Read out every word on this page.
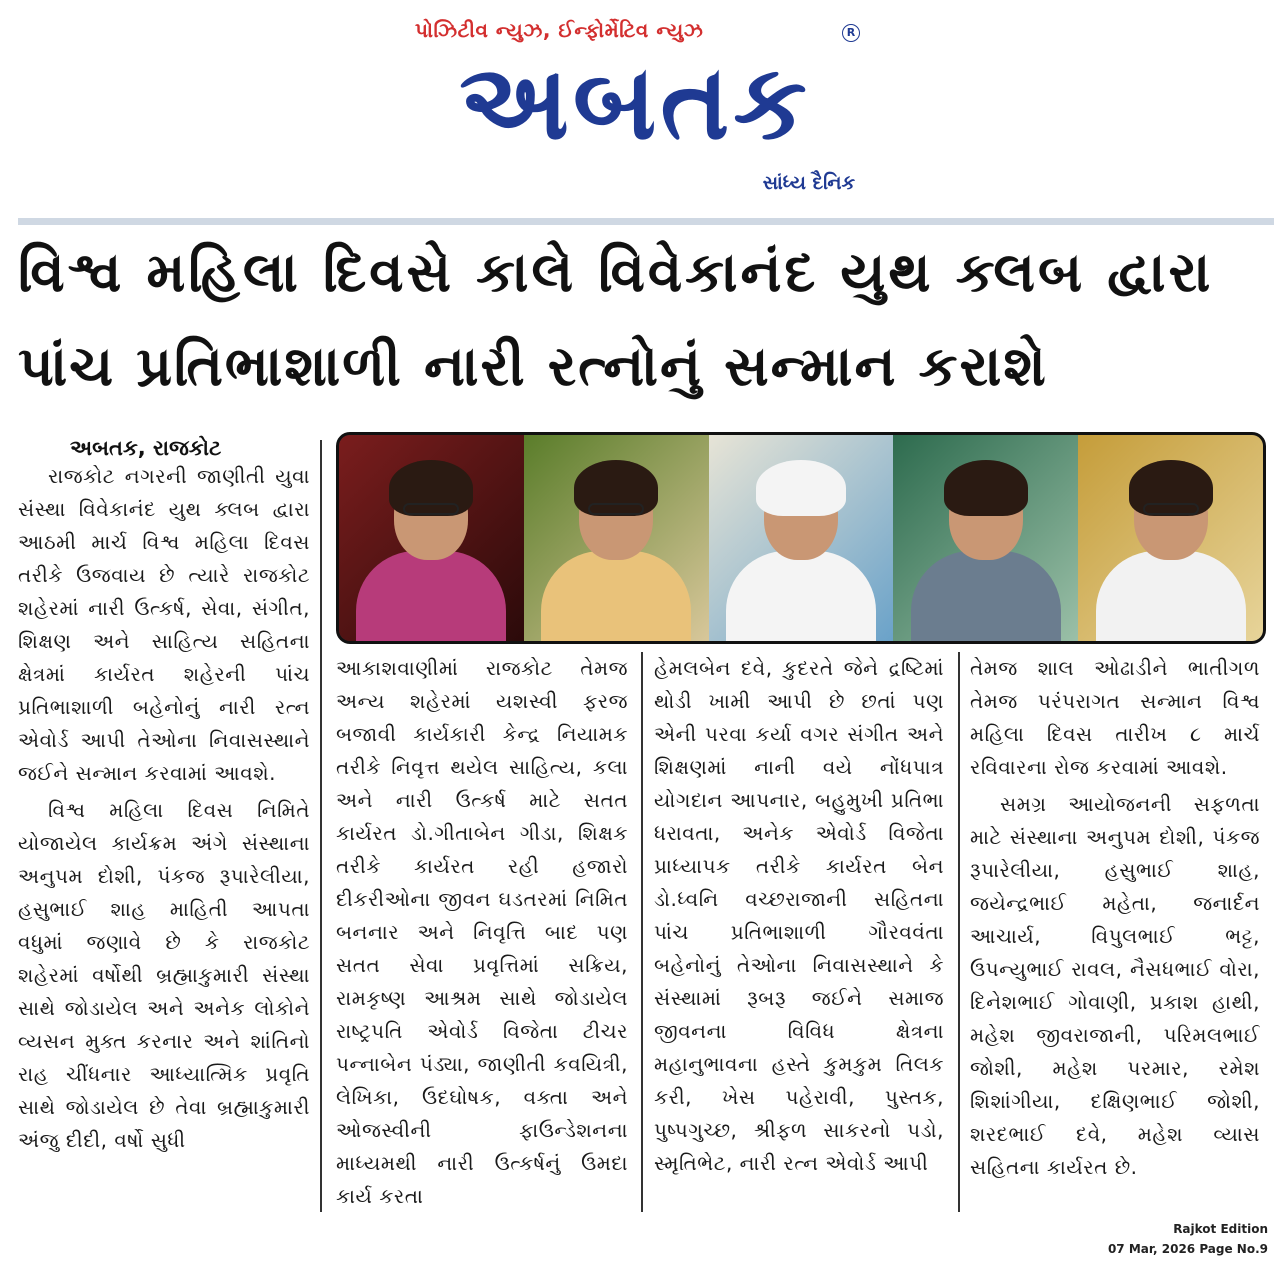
પોઝિટીવ ન્યુઝ, ઈન્ફોર્મેટિવ ન્યુઝ
અબતક
R
સાંધ્ય દૈનિક
વિશ્વ મહિલા દિવસે કાલે વિવેકાનંદ યુથ ક્લબ દ્વારા
પાંચ પ્રતિભાશાળી નારી રત્નોનું સન્માન કરાશે
અબતક, રાજકોટ

રાજકોટ નગરની જાણીતી યુવા સંસ્થા વિવેકાનંદ યુથ ક્લબ દ્વારા આઠમી માર્ચ વિશ્વ મહિલા દિવસ તરીકે ઉજવાય છે ત્યારે રાજકોટ શહેરમાં નારી ઉત્કર્ષ, સેવા, સંગીત, શિક્ષણ અને સાહિત્ય સહિતના ક્ષેત્રમાં કાર્યરત શહેરની પાંચ પ્રતિભાશાળી બહેનોનું નારી રત્ન એવોર્ડ આપી તેઓના નિવાસસ્થાને જઈને સન્માન કરવામાં આવશે.

વિશ્વ મહિલા દિવસ નિમિતે યોજાયેલ કાર્યક્રમ અંગે સંસ્થાના અનુપમ દોશી, પંકજ રૂપારેલીયા, હસુભાઈ શાહ માહિતી આપતા વધુમાં જણાવે છે કે રાજકોટ શહેરમાં વર્ષોથી બ્રહ્માકુમારી સંસ્થા સાથે જોડાયેલ અને અનેક લોકોને વ્યસન મુક્ત કરનાર અને શાંતિનો રાહ ચીંધનાર આધ્યાત્મિક પ્રવૃતિ સાથે જોડાયેલ છે તેવા બ્રહ્માકુમારી અંજુ દીદી, વર્ષો સુધી

આકાશવાણીમાં રાજકોટ તેમજ અન્ય શહેરમાં યશસ્વી ફરજ બજાવી કાર્યકારી કેન્દ્ર નિયામક તરીકે નિવૃત્ત થયેલ સાહિત્ય, કલા અને નારી ઉત્કર્ષ માટે સતત કાર્યરત ડો.ગીતાબેન ગીડા, શિક્ષક તરીકે કાર્યરત રહી હજારો દીકરીઓના જીવન ઘડતરમાં નિમિત બનનાર અને નિવૃત્તિ બાદ પણ સતત સેવા પ્રવૃત્તિમાં સક્રિય, રામકૃષ્ણ આશ્રમ સાથે જોડાયેલ રાષ્ટ્રપતિ એવોર્ડ વિજેતા ટીચર પન્નાબેન પંડ્યા, જાણીતી કવયિત્રી, લેખિકા, ઉદઘોષક, વક્તા અને ઓજસ્વીની ફાઉન્ડેશનના માધ્યમથી નારી ઉત્કર્ષનું ઉમદા કાર્ય કરતા

હેમલબેન દવે, કુદરતે જેને દ્રષ્ટિમાં થોડી ખામી આપી છે છતાં પણ એની પરવા કર્યા વગર સંગીત અને શિક્ષણમાં નાની વયે નોંધપાત્ર યોગદાન આપનાર, બહુમુખી પ્રતિભા ધરાવતા, અનેક એવોર્ડ વિજેતા પ્રાધ્યાપક તરીકે કાર્યરત બેન ડો.ધ્વનિ વચ્છરાજાની સહિતના પાંચ પ્રતિભાશાળી ગૌરવવંતા બહેનોનું તેઓના નિવાસસ્થાને કે સંસ્થામાં રૂબરૂ જઈને સમાજ જીવનના વિવિધ ક્ષેત્રના મહાનુભાવના હસ્તે કુમકુમ તિલક કરી, ખેસ પહેરાવી, પુસ્તક, પુષ્પગુચ્છ, શ્રીફળ સાકરનો પડો, સ્મૃતિભેટ, નારી રત્ન એવોર્ડ આપી

તેમજ શાલ ઓઢાડીને ભાતીગળ તેમજ પરંપરાગત સન્માન વિશ્વ મહિલા દિવસ તારીખ ૮ માર્ચ રવિવારના રોજ કરવામાં આવશે.

સમગ્ર આયોજનની સફળતા માટે સંસ્થાના અનુપમ દોશી, પંકજ રૂપારેલીયા, હસુભાઈ શાહ, જયેન્દ્રભાઈ મહેતા, જનાર્દન આચાર્ય, વિપુલભાઈ ભટ્ટ, ઉપન્યુભાઈ રાવલ, નૈસધભાઈ વોરા, દિનેશભાઈ ગોવાણી, પ્રકાશ હાથી, મહેશ જીવરાજાની, પરિમલભાઈ જોશી, મહેશ પરમાર, રમેશ શિશાંગીયા, દક્ષિણભાઈ જોશી, શરદભાઈ દવે, મહેશ વ્યાસ સહિતના કાર્યરત છે.

Rajkot Edition
07 Mar, 2026 Page No.9
